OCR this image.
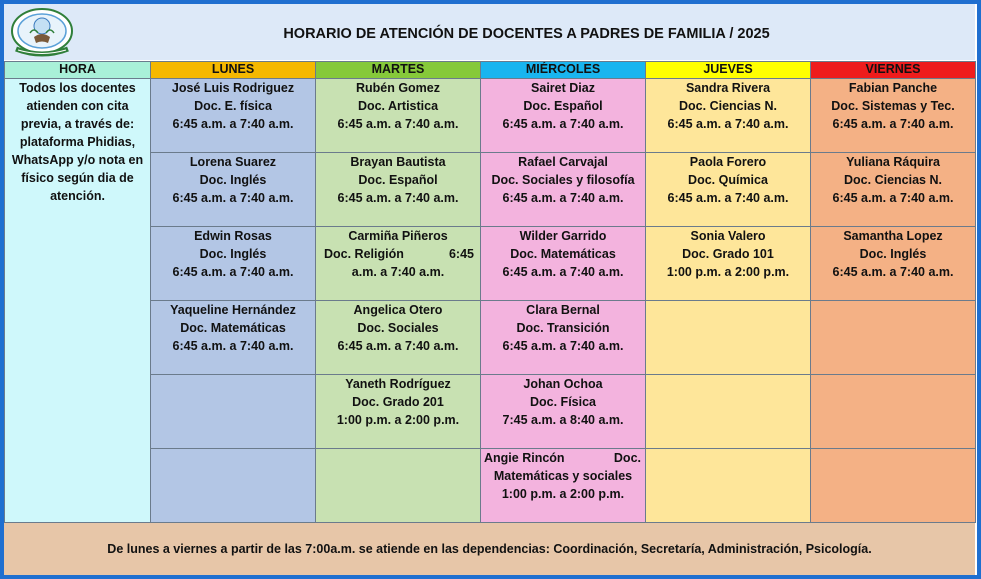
HORARIO DE ATENCIÓN DE DOCENTES A PADRES DE FAMILIA / 2025
HORA	LUNES	MARTES	MIÉRCOLES	JUEVES	VIERNES
Todos los docentes atienden con cita previa, a través de: plataforma Phidias, WhatsApp y/o nota en físico según dia de atención.	José Luis Rodriguez
Doc. E. física
6:45 a.m. a 7:40 a.m.	Rubén Gomez
Doc. Artistica
6:45 a.m. a 7:40 a.m.	Sairet Diaz
Doc. Español
6:45 a.m. a 7:40 a.m.	Sandra Rivera
Doc. Ciencias N.
6:45 a.m. a 7:40 a.m.	Fabian Panche
Doc. Sistemas y Tec.
6:45 a.m. a 7:40 a.m.

	Lorena Suarez
Doc. Inglés
6:45 a.m. a 7:40 a.m.	Brayan Bautista
Doc. Español
6:45 a.m. a 7:40 a.m.	Rafael Carvajal
Doc. Sociales y filosofía
6:45 a.m. a 7:40 a.m.	Paola Forero
Doc. Química
6:45 a.m. a 7:40 a.m.	Yuliana Ráquira
Doc. Ciencias N.
6:45 a.m. a 7:40 a.m.

	Edwin Rosas
Doc. Inglés
6:45 a.m. a 7:40 a.m.	Carmiña Piñeros
Doc. Religión 6:45
a.m. a 7:40 a.m.	Wilder Garrido
Doc. Matemáticas
6:45 a.m. a 7:40 a.m.	Sonia Valero
Doc. Grado 101
1:00 p.m. a 2:00 p.m.	Samantha Lopez
Doc. Inglés
6:45 a.m. a 7:40 a.m.

	Yaqueline Hernández
Doc. Matemáticas
6:45 a.m. a 7:40 a.m.	Angelica Otero
Doc. Sociales
6:45 a.m. a 7:40 a.m.	Clara Bernal
Doc. Transición
6:45 a.m. a 7:40 a.m.		

		Yaneth Rodríguez
Doc. Grado 201
1:00 p.m. a 2:00 p.m.	Johan Ochoa
Doc. Física
7:45 a.m. a 8:40 a.m.		

			Angie Rincón Doc.
Matemáticas y sociales
1:00 p.m. a 2:00 p.m.		

De lunes a viernes a partir de las 7:00a.m. se atiende en las dependencias: Coordinación, Secretaría, Administración, Psicología.
